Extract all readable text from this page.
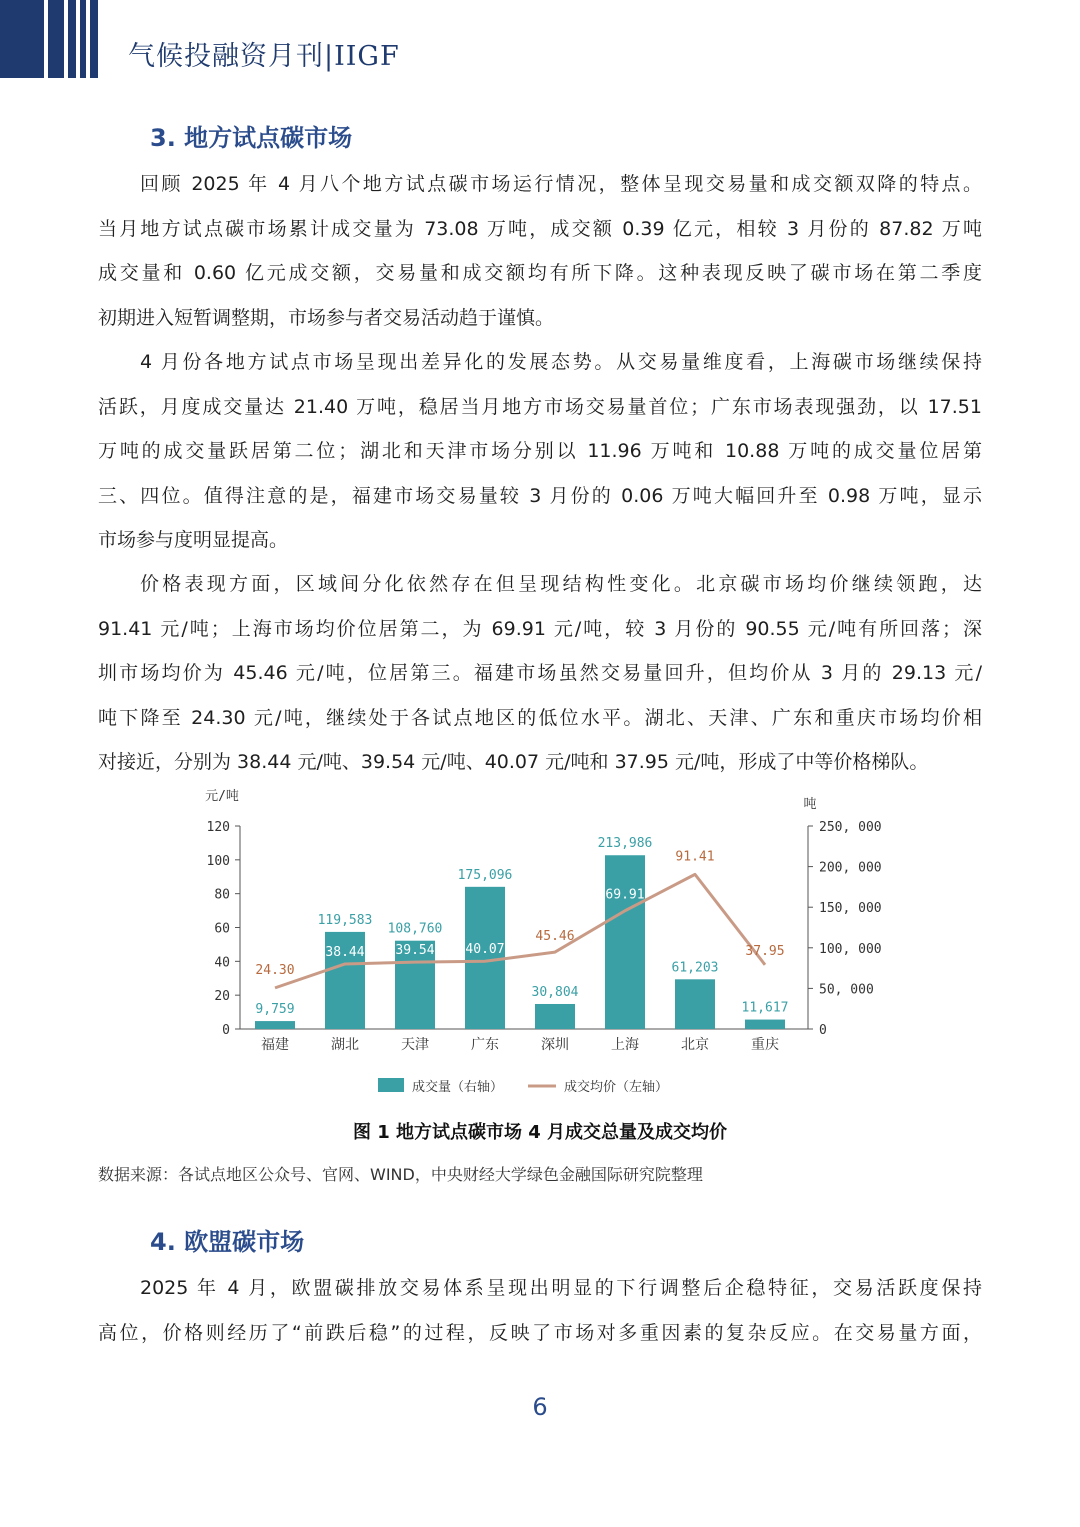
气候投融资月刊|IIGF
3. 地方试点碳市场
回顾 2025 年 4 月八个地方试点碳市场运行情况，整体呈现交易量和成交额双降的特点。
当月地方试点碳市场累计成交量为 73.08 万吨，成交额 0.39 亿元，相较 3 月份的 87.82 万吨
成交量和 0.60 亿元成交额，交易量和成交额均有所下降。这种表现反映了碳市场在第二季度
初期进入短暂调整期，市场参与者交易活动趋于谨慎。
4 月份各地方试点市场呈现出差异化的发展态势。从交易量维度看，上海碳市场继续保持
活跃，月度成交量达 21.40 万吨，稳居当月地方市场交易量首位；广东市场表现强劲，以 17.51
万吨的成交量跃居第二位；湖北和天津市场分别以 11.96 万吨和 10.88 万吨的成交量位居第
三、四位。值得注意的是，福建市场交易量较 3 月份的 0.06 万吨大幅回升至 0.98 万吨，显示
市场参与度明显提高。
价格表现方面，区域间分化依然存在但呈现结构性变化。北京碳市场均价继续领跑，达
91.41 元/吨；上海市场均价位居第二，为 69.91 元/吨，较 3 月份的 90.55 元/吨有所回落；深
圳市场均价为 45.46 元/吨，位居第三。福建市场虽然交易量回升，但均价从 3 月的 29.13 元/
吨下降至 24.30 元/吨，继续处于各试点地区的低位水平。湖北、天津、广东和重庆市场均价相
对接近，分别为 38.44 元/吨、39.54 元/吨、40.07 元/吨和 37.95 元/吨，形成了中等价格梯队。
0
20
40
60
80
100
120
元/吨
0
50, 000
100, 000
150, 000
200, 000
250, 000
吨
福建	湖北	天津	广东	深圳	上海	北京	重庆
9,759
119,583
108,760
175,096
30,804
213,986
61,203
11,617
24.30
38.44 39.54 40.07
45.46
69.91
91.41
37.95
成交量（右轴）	成交均价（左轴）
图 1 地方试点碳市场 4 月成交总量及成交均价
数据来源：各试点地区公众号、官网、WIND，中央财经大学绿色金融国际研究院整理
4. 欧盟碳市场
2025 年 4 月，欧盟碳排放交易体系呈现出明显的下行调整后企稳特征，交易活跃度保持
高位，价格则经历了“前跌后稳”的过程，反映了市场对多重因素的复杂反应。在交易量方面，
6
